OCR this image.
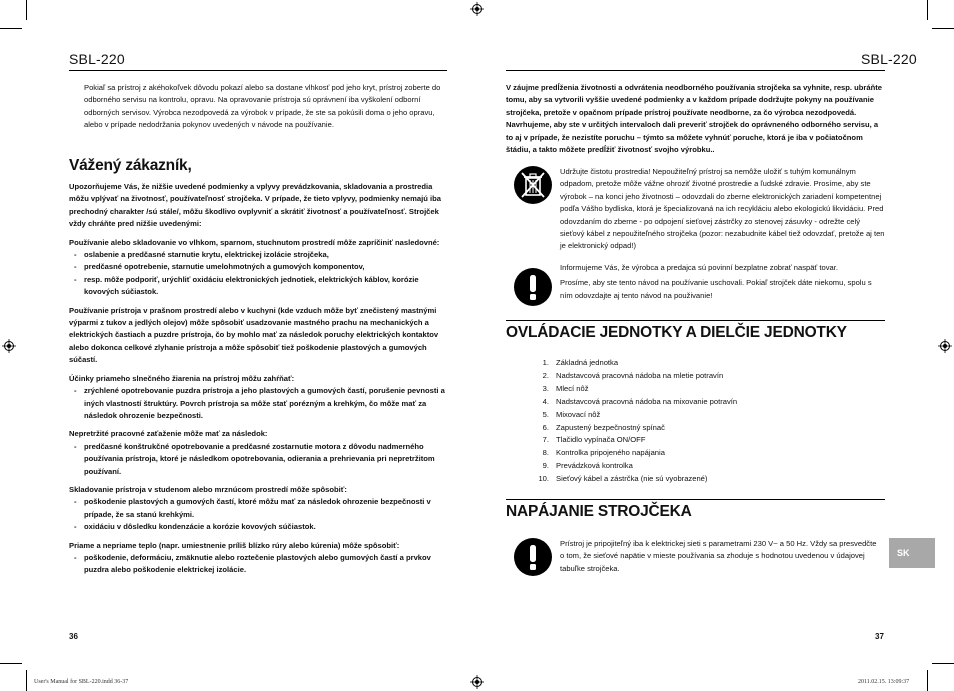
SBL-220
Pokiaľ sa prístroj z akéhokoľvek dôvodu pokazí alebo sa dostane vlhkosť pod jeho kryt, prístroj zoberte do odborného servisu na kontrolu, opravu. Na opravovanie prístroja sú oprávnení iba vyškolení odborní odborných servisov. Výrobca nezodpovedá za výrobok v prípade, že ste sa pokúsili doma o jeho opravu, alebo v prípade nedodržania pokynov uvedených v návode na používanie.
Vážený zákazník,
Upozorňujeme Vás, že nižšie uvedené podmienky a vplyvy prevádzkovania, skladovania a prostredia môžu vplývať na životnosť, používateľnosť strojčeka. V prípade, že tieto vplyvy, podmienky nemajú iba prechodný charakter /sú stále/, môžu škodlivo ovplyvniť a skrátiť životnosť a používateľnosť. Strojček vždy chráňte pred nižšie uvedenými:
Používanie alebo skladovanie vo vlhkom, sparnom, stuchnutom prostredí môže zapríčiniť nasledovné:
- oslabenie a predčasné starnutie krytu, elektrickej izolácie strojčeka,
- predčasné opotrebenie, starnutie umelohmotných a gumových komponentov,
- resp. môže podporiť, urýchliť oxidáciu elektronických jednotiek, elektrických káblov, korózie kovových súčiastok.
Používanie prístroja v prašnom prostredí alebo v kuchyni (kde vzduch môže byť znečistený mastnými výparmi z tukov a jedlých olejov) môže spôsobiť usadzovanie mastného prachu na mechanických a elektrických častiach a puzdre prístroja, čo by mohlo mať za následok poruchy elektrických kontaktov alebo dokonca celkové zlyhanie prístroja a môže spôsobiť tiež poškodenie plastových a gumových súčastí.
Účinky priameho slnečného žiarenia na prístroj môžu zahŕňať:
- zrýchlené opotrebovanie puzdra prístroja a jeho plastových a gumových častí, porušenie pevnosti a iných vlastností štruktúry. Povrch prístroja sa môže stať porézným a krehkým, čo môže mať za následok ohrozenie bezpečnosti.
Nepretržité pracovné zaťaženie môže mať za následok:
- predčasné konštrukčné opotrebovanie a predčasné zostarnutie motora z dôvodu nadmerného používania prístroja, ktoré je následkom opotrebovania, odierania a prehrievania pri nepretržitom používaní.
Skladovanie prístroja v studenom alebo mrznúcom prostredí môže spôsobiť:
- poškodenie plastových a gumových častí, ktoré môžu mať za následok ohrozenie bezpečnosti v prípade, že sa stanú krehkými.
- oxidáciu v dôsledku kondenzácie a korózie kovových súčiastok.
Priame a nepriame teplo (napr. umiestnenie príliš blízko rúry alebo kúrenia) môže spôsobiť:
- poškodenie, deformáciu, zmäknutie alebo roztečenie plastových alebo gumových častí a prvkov puzdra alebo poškodenie elektrickej izolácie.
36
SBL-220
V záujme predĺženia životnosti a odvrátenia neodborného používania strojčeka sa vyhnite, resp. ubráňte tomu, aby sa vytvorili vyššie uvedené podmienky a v každom prípade dodržujte pokyny na používanie strojčeka, pretože v opačnom prípade prístroj používate neodborne, za čo výrobca nezodpovedá. Navrhujeme, aby ste v určitých intervaloch dali preveriť strojček do oprávneného odborného servisu, a to aj v prípade, že nezistíte poruchu – týmto sa môžete vyhnúť poruche, ktorá je iba v počiatočnom štádiu, a takto môžete predĺžiť životnosť svojho výrobku..
Udržujte čistotu prostredia! Nepoužiteľný prístroj sa nemôže uložiť s tuhým komunálnym odpadom, pretože môže vážne ohroziť životné prostredie a ľudské zdravie. Prosíme, aby ste výrobok – na konci jeho životnosti – odovzdali do zberne elektronických zariadení kompetentnej podľa Vášho bydliska, ktorá je špecializovaná na ich recykláciu alebo ekologickú likvidáciu. Pred odovzdaním do zberne - po odpojení sieťovej zástrčky zo stenovej zásuvky - odrežte celý sieťový kábel z nepoužiteľného strojčeka (pozor: nezabudnite kábel tiež odovzdať, pretože aj ten je elektronický odpad!)
Informujeme Vás, že výrobca a predajca sú povinní bezplatne zobrať naspäť tovar.
Prosíme, aby ste tento návod na používanie uschovali. Pokiaľ strojček dáte niekomu, spolu s ním odovzdajte aj tento návod na použivanie!
OVLÁDACIE JEDNOTKY A DIELČIE JEDNOTKY
1. Základná jednotka
2. Nadstavcová pracovná nádoba na mletie potravín
3. Mlecí nôž
4. Nadstavcová pracovná nádoba na mixovanie potravín
5. Mixovací nôž
6. Zapustený bezpečnostný spínač
7. Tlačidlo vypínača ON/OFF
8. Kontrolka pripojeného napájania
9. Prevádzková kontrolka
10. Sieťový kábel a zástrčka (nie sú vyobrazené)
NAPÁJANIE STROJČEKA
Prístroj je pripojiteľný iba k elektrickej sieti s parametrami 230 V~ a 50 Hz. Vždy sa presvedčte o tom, že sieťové napätie v mieste používania sa zhoduje s hodnotou uvedenou v údajovej tabuľke strojčeka.
SK
37
User's Manual for SBL-220.indd 36-37	2011.02.15. 13:09:37
